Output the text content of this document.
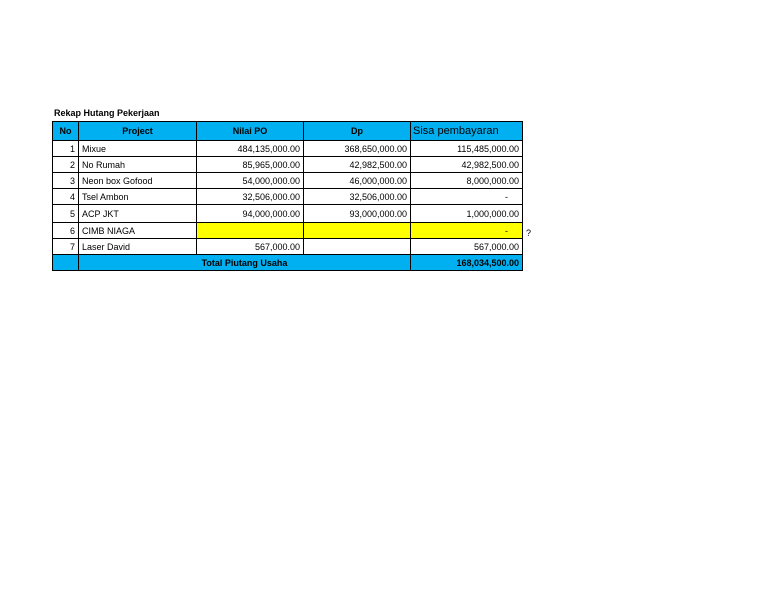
Rekap Hutang Pekerjaan
No	Project	Nilai PO	Dp	Sisa pembayaran
1	Mixue	484,135,000.00	368,650,000.00	115,485,000.00
2	No Rumah	85,965,000.00	42,982,500.00	42,982,500.00
3	Neon box Gofood	54,000,000.00	46,000,000.00	8,000,000.00
4	Tsel Ambon	32,506,000.00	32,506,000.00	-
5	ACP JKT	94,000,000.00	93,000,000.00	1,000,000.00
6	CIMB NIAGA			-
7	Laser David	567,000.00		567,000.00
	Total Piutang Usaha			168,034,500.00
?
